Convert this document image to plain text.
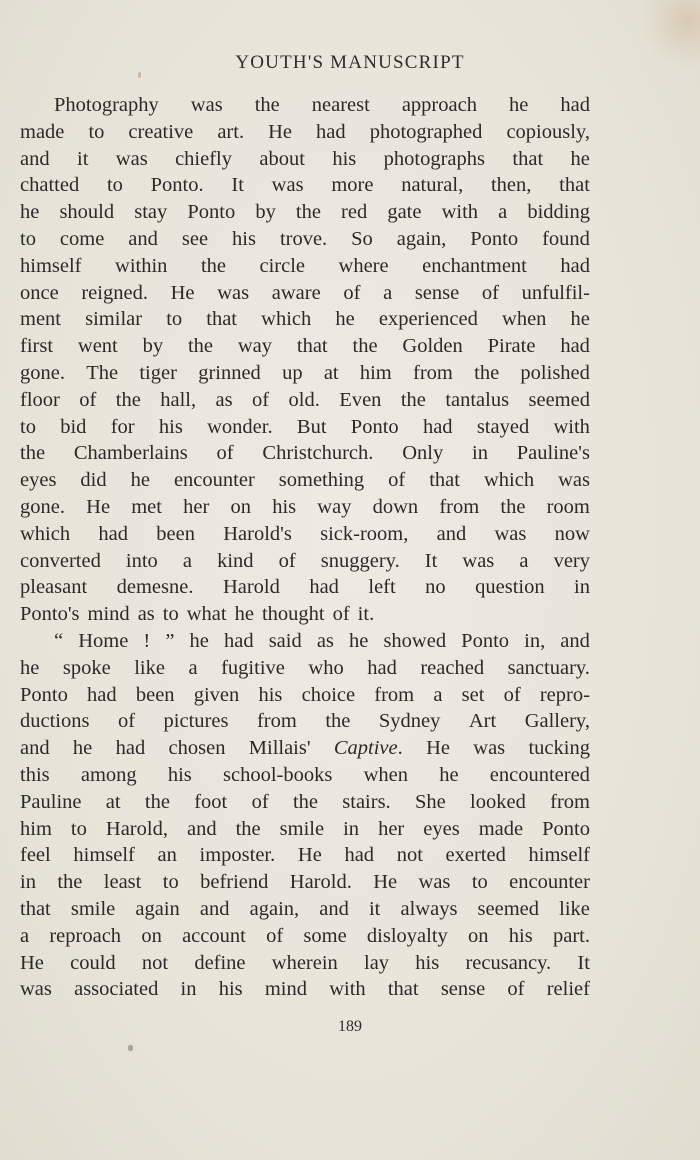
YOUTH'S MANUSCRIPT
Photography was the nearest approach he had
made to creative art. He had photographed copiously,
and it was chiefly about his photographs that he
chatted to Ponto. It was more natural, then, that
he should stay Ponto by the red gate with a bidding
to come and see his trove. So again, Ponto found
himself within the circle where enchantment had
once reigned. He was aware of a sense of unfulfil-
ment similar to that which he experienced when he
first went by the way that the Golden Pirate had
gone. The tiger grinned up at him from the polished
floor of the hall, as of old. Even the tantalus seemed
to bid for his wonder. But Ponto had stayed with
the Chamberlains of Christchurch. Only in Pauline's
eyes did he encounter something of that which was
gone. He met her on his way down from the room
which had been Harold's sick-room, and was now
converted into a kind of snuggery. It was a very
pleasant demesne. Harold had left no question in
Ponto's mind as to what he thought of it.
“ Home ! ” he had said as he showed Ponto in, and
he spoke like a fugitive who had reached sanctuary.
Ponto had been given his choice from a set of repro-
ductions of pictures from the Sydney Art Gallery,
and he had chosen Millais' Captive. He was tucking
this among his school-books when he encountered
Pauline at the foot of the stairs. She looked from
him to Harold, and the smile in her eyes made Ponto
feel himself an imposter. He had not exerted himself
in the least to befriend Harold. He was to encounter
that smile again and again, and it always seemed like
a reproach on account of some disloyalty on his part.
He could not define wherein lay his recusancy. It
was associated in his mind with that sense of relief
189
